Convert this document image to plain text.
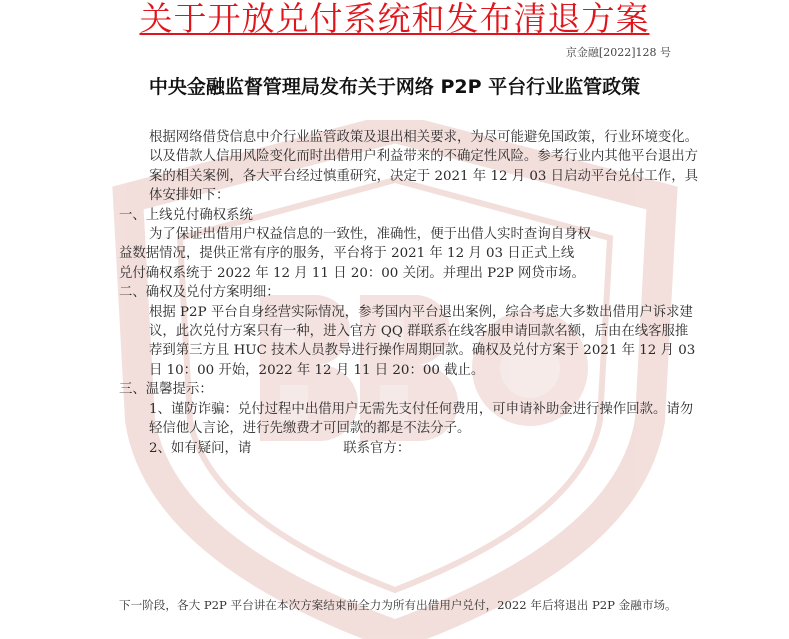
关于开放兑付系统和发布清退方案
京金融[2022]128 号
中央金融监督管理局发布关于网络 P2P 平台行业监管政策

根据网络借贷信息中介行业监管政策及退出相关要求，为尽可能避免国政策，行业环境变化。以及借款人信用风险变化而时出借用户利益带来的不确定性风险。参考行业内其他平台退出方案的相关案例，各大平台经过慎重研究，决定于 2021 年 12 月 03 日启动平台兑付工作，具体安排如下：

一、上线兑付确权系统

为了保证出借用户权益信息的一致性，准确性，便于出借人实时查询自身权

益数据情况，提供正常有序的服务，平台将于 2021 年 12 月 03 日正式上线

兑付确权系统于 2022 年 12 月 11 日 20：00 关闭。并理出 P2P 网贷市场。

二、确权及兑付方案明细：

根据 P2P 平台自身经营实际情况，参考国内平台退出案例，综合考虑大多数出借用户诉求建议，此次兑付方案只有一种，进入官方 QQ 群联系在线客服申请回款名额，后由在线客服推荐到第三方且 HUC 技术人员教导进行操作周期回款。确权及兑付方案于 2021 年 12 月 03 日 10：00 开始，2022 年 12 月 11 日 20：00 截止。

三、温馨提示：

1、谨防诈骗：兑付过程中出借用户无需先支付任何费用，可申请补助金进行操作回款。请勿轻信他人言论，进行先缴费才可回款的都是不法分子。

2、如有疑问，请	联系官方：

下一阶段，各大 P2P 平台讲在本次方案结束前全力为所有出借用户兑付，2022 年后将退出 P2P 金融市场。
